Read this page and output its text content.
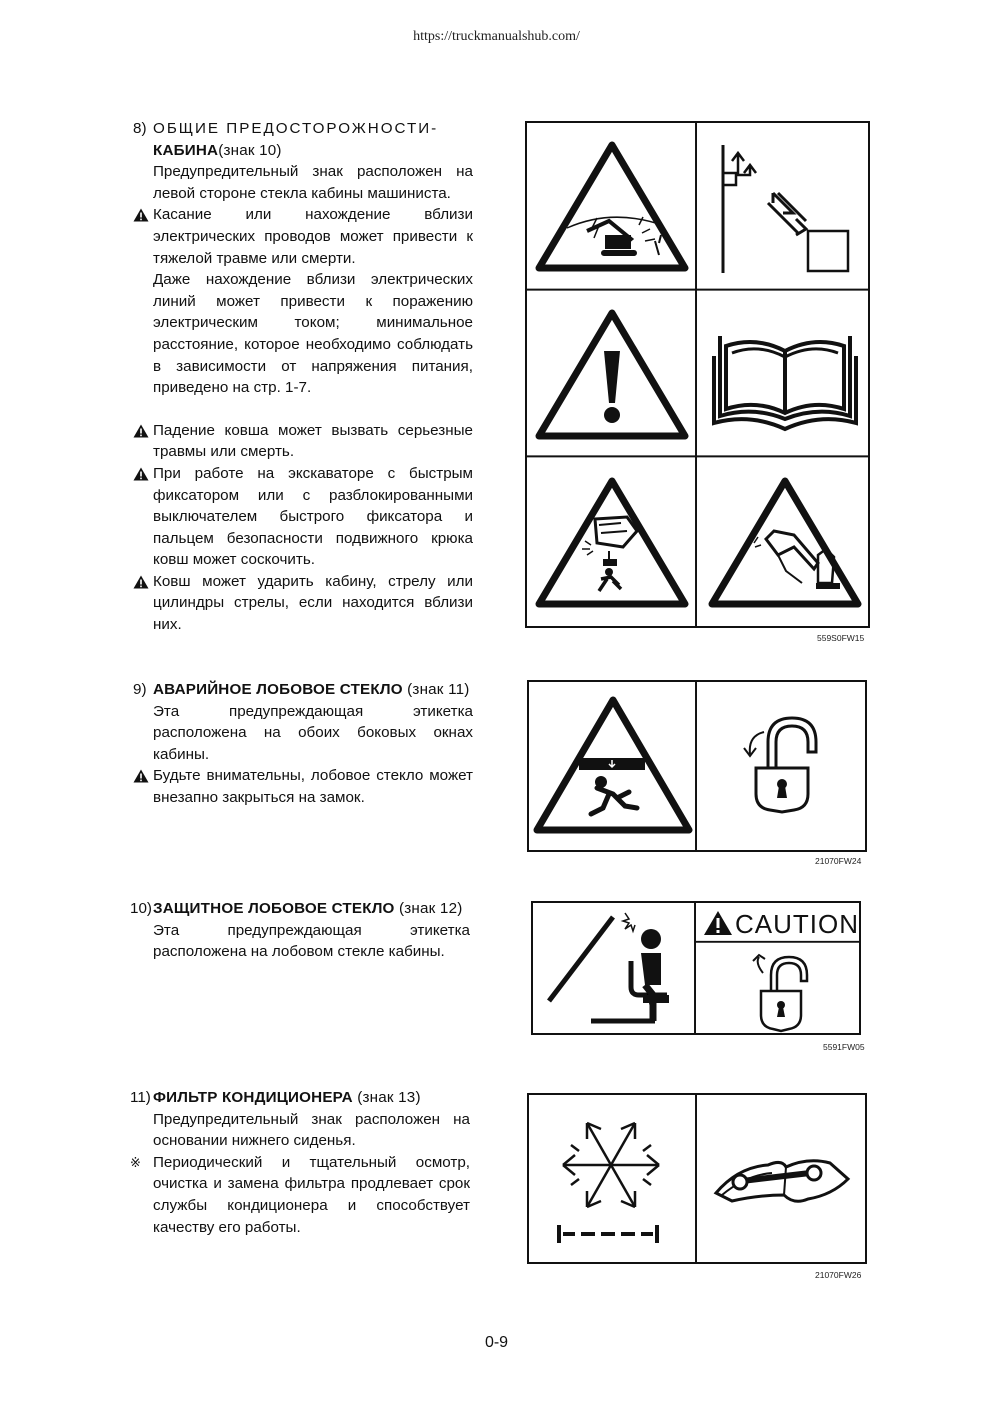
https://truckmanualshub.com/
8) ОБЩИЕ ПРЕДОСТОРОЖНОСТИ-
КАБИНА(знак 10)
Предупредительный знак расположен на левой стороне стекла кабины машиниста.
Касание или нахождение вблизи электрических проводов может привести к тяжелой травме или смерти.
Даже нахождение вблизи электрических линий может привести к поражению электрическим током; минимальное расстояние, которое необходимо соблюдать в зависимости от напряжения питания, приведено на стр. 1-7.
Падение ковша может вызвать серьезные травмы или смерть.
При работе на экскаваторе с быстрым фиксатором или с разблокированными выключателем быстрого фиксатора и пальцем безопасности подвижного крюка ковш может соскочить.
Ковш может ударить кабину, стрелу или цилиндры стрелы, если находится вблизи них.
559S0FW15
9) АВАРИЙНОЕ ЛОБОВОЕ СТЕКЛО (знак 11)
Эта предупреждающая этикетка расположена на обоих боковых окнах кабины.
Будьте внимательны, лобовое стекло может внезапно закрыться на замок.
21070FW24
10) ЗАЩИТНОЕ ЛОБОВОЕ СТЕКЛО (знак 12)
Эта предупреждающая этикетка расположена на лобовом стекле кабины.
CAUTION
5591FW05
11) ФИЛЬТР КОНДИЦИОНЕРА (знак 13)
Предупредительный знак расположен на основании нижнего сиденья.
※ Периодический и тщательный осмотр, очистка и замена фильтра продлевает срок службы кондиционера и способствует качеству его работы.
21070FW26
0-9
